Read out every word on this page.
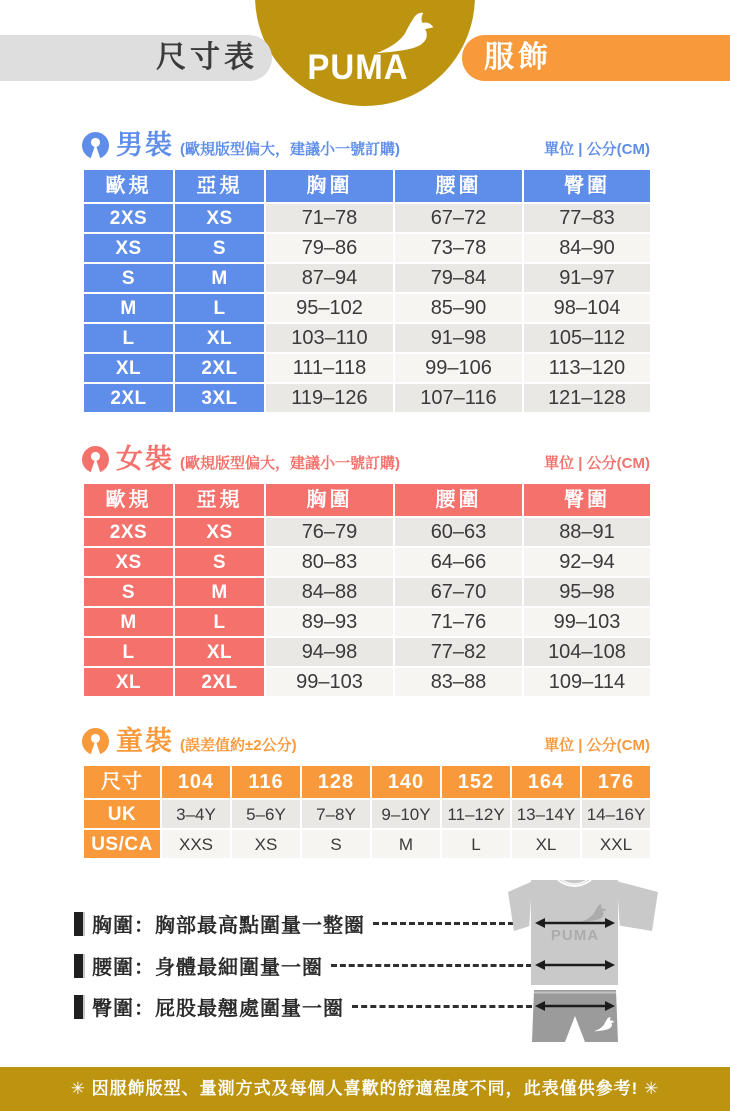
尺寸表	服飾
PUMA
男裝 (歐規版型偏大，建議小一號訂購)	單位 | 公分(CM)
歐規	亞規	胸圍	腰圍	臀圍
2XS	XS	71–78	67–72	77–83
XS	S	79–86	73–78	84–90
S	M	87–94	79–84	91–97
M	L	95–102	85–90	98–104
L	XL	103–110	91–98	105–112
XL	2XL	111–118	99–106	113–120
2XL	3XL	119–126	107–116	121–128
女裝 (歐規版型偏大，建議小一號訂購)	單位 | 公分(CM)
歐規	亞規	胸圍	腰圍	臀圍
2XS	XS	76–79	60–63	88–91
XS	S	80–83	64–66	92–94
S	M	84–88	67–70	95–98
M	L	89–93	71–76	99–103
L	XL	94–98	77–82	104–108
XL	2XL	99–103	83–88	109–114
童裝 (誤差值約±2公分)	單位 | 公分(CM)
尺寸	104	116	128	140	152	164	176
UK	3–4Y	5–6Y	7–8Y	9–10Y	11–12Y	13–14Y	14–16Y
US/CA	XXS	XS	S	M	L	XL	XXL
胸圍：胸部最高點圍量一整圈
腰圍：身體最細圍量一圈
臀圍：屁股最翹處圍量一圈
PUMA
✳ 因服飾版型、量測方式及每個人喜歡的舒適程度不同，此表僅供參考! ✳
